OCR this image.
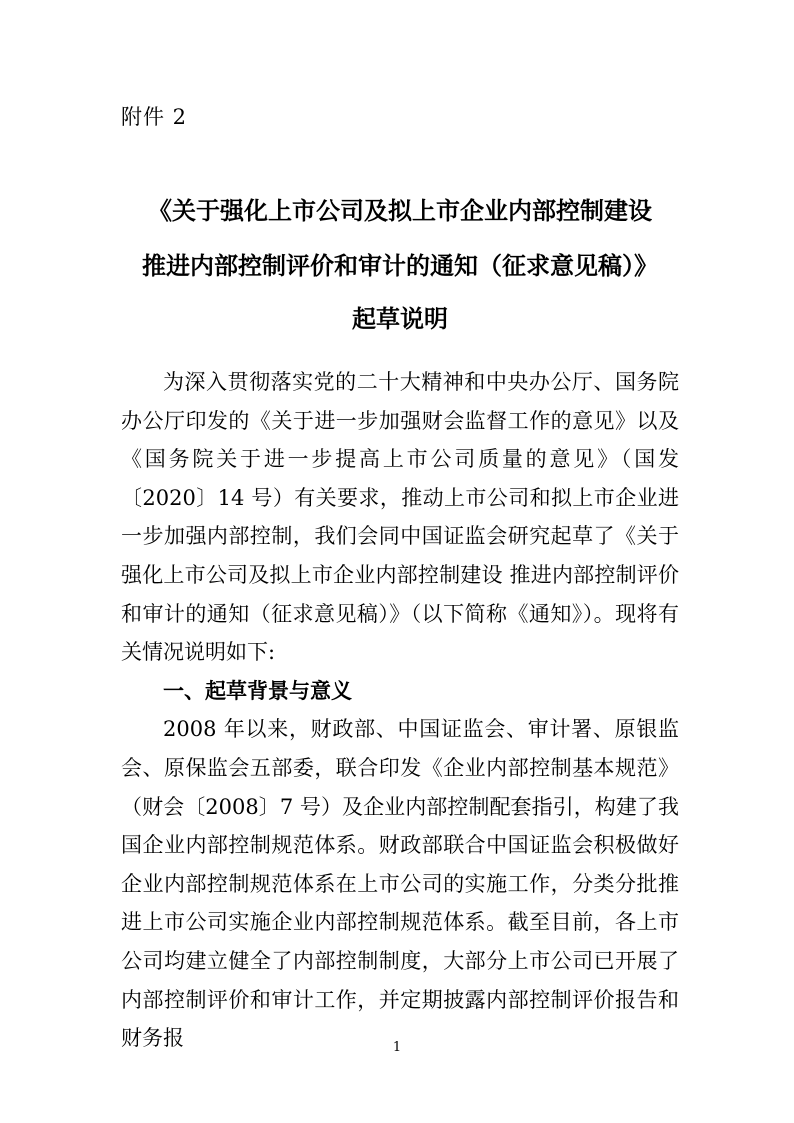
附件 2
《关于强化上市公司及拟上市企业内部控制建设
推进内部控制评价和审计的通知（征求意见稿）》
起草说明

为深入贯彻落实党的二十大精神和中央办公厅、国务院办公厅印发的《关于进一步加强财会监督工作的意见》以及《国务院关于进一步提高上市公司质量的意见》（国发〔2020〕14 号）有关要求，推动上市公司和拟上市企业进一步加强内部控制，我们会同中国证监会研究起草了《关于强化上市公司及拟上市企业内部控制建设 推进内部控制评价和审计的通知（征求意见稿）》（以下简称《通知》）。现将有关情况说明如下:

一、起草背景与意义

2008 年以来，财政部、中国证监会、审计署、原银监会、原保监会五部委，联合印发《企业内部控制基本规范》（财会〔2008〕7 号）及企业内部控制配套指引，构建了我国企业内部控制规范体系。财政部联合中国证监会积极做好企业内部控制规范体系在上市公司的实施工作，分类分批推进上市公司实施企业内部控制规范体系。截至目前，各上市公司均建立健全了内部控制制度，大部分上市公司已开展了内部控制评价和审计工作，并定期披露内部控制评价报告和财务报	1
